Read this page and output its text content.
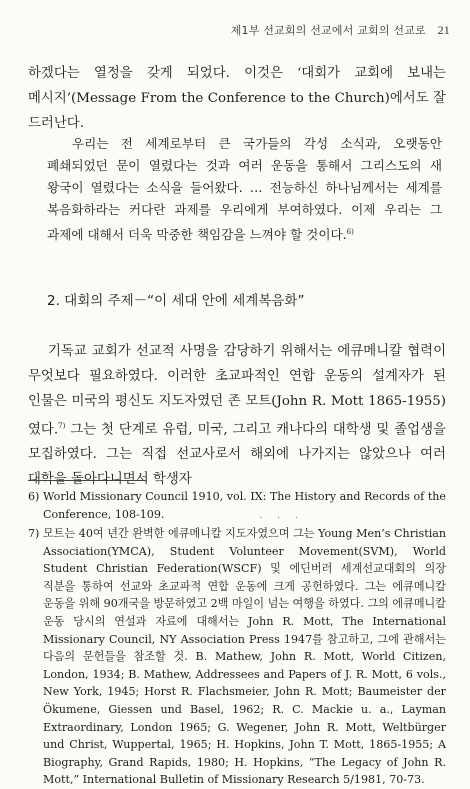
제1부 선교회의 선교에서 교회의 선교로 21
하겠다는 열정을 갖게 되었다. 이것은 ‘대회가 교회에 보내는 메시지’(Message From the Conference to the Church)에서도 잘 드러난다.
우리는 전 세계로부터 큰 국가들의 각성 소식과, 오랫동안 폐쇄되었던 문이 열렸다는 것과 여러 운동을 통해서 그리스도의 새 왕국이 열렸다는 소식을 들어왔다. … 전능하신 하나님께서는 세계를 복음화하라는 커다란 과제를 우리에게 부여하였다. 이제 우리는 그 과제에 대해서 더욱 막중한 책임감을 느껴야 할 것이다.$^{6)}$
2. 대회의 주제－“이 세대 안에 세계복음화”
기독교 교회가 선교적 사명을 감당하기 위해서는 에큐메니칼 협력이 무엇보다 필요하였다. 이러한 초교파적인 연합 운동의 설계자가 된 인물은 미국의 평신도 지도자였던 존 모트(John R. Mott 1865-1955)였다.$^{7)}$ 그는 첫 단계로 유럽, 미국, 그리고 캐나다의 대학생 및 졸업생을 모집하였다. 그는 직접 선교사로서 해외에 나가지는 않았으나 여러 대학을 돌아다니면서 학생자
6) World Missionary Council 1910, vol. IX: The History and Records of the Conference, 108-109.	. . .
7) 모트는 40여 년간 완벽한 에큐메니칼 지도자였으며 그는 Young Men’s Christian Association(YMCA), Student Volunteer Movement(SVM), World Student Christian Federation(WSCF) 및 에딘버러 세계선교대회의 의장 직분을 통하여 선교와 초교파적 연합 운동에 크게 공헌하였다. 그는 에큐메니칼 운동을 위해 90개국을 방문하였고 2백 마일이 넘는 여행을 하였다. 그의 에큐메니칼 운동 당시의 연설과 자료에 대해서는 John R. Mott, The International Missionary Council, NY Association Press 1947를 참고하고, 그에 관해서는 다음의 문헌들을 참조할 것. B. Mathew, John R. Mott, World Citizen, London, 1934; B. Mathew, Addressees and Papers of J. R. Mott, 6 vols., New York, 1945; Horst R. Flachsmeier, John R. Mott; Baumeister der Ökumene, Giessen und Basel, 1962; R. C. Mackie u. a., Layman Extraordinary, London 1965; G. Wegener, John R. Mott, Weltbürger und Christ, Wuppertal, 1965; H. Hopkins, John T. Mott, 1865-1955; A Biography, Grand Rapids, 1980; H. Hopkins, “The Legacy of John R. Mott,” International Bulletin of Missionary Research 5/1981, 70-73.
